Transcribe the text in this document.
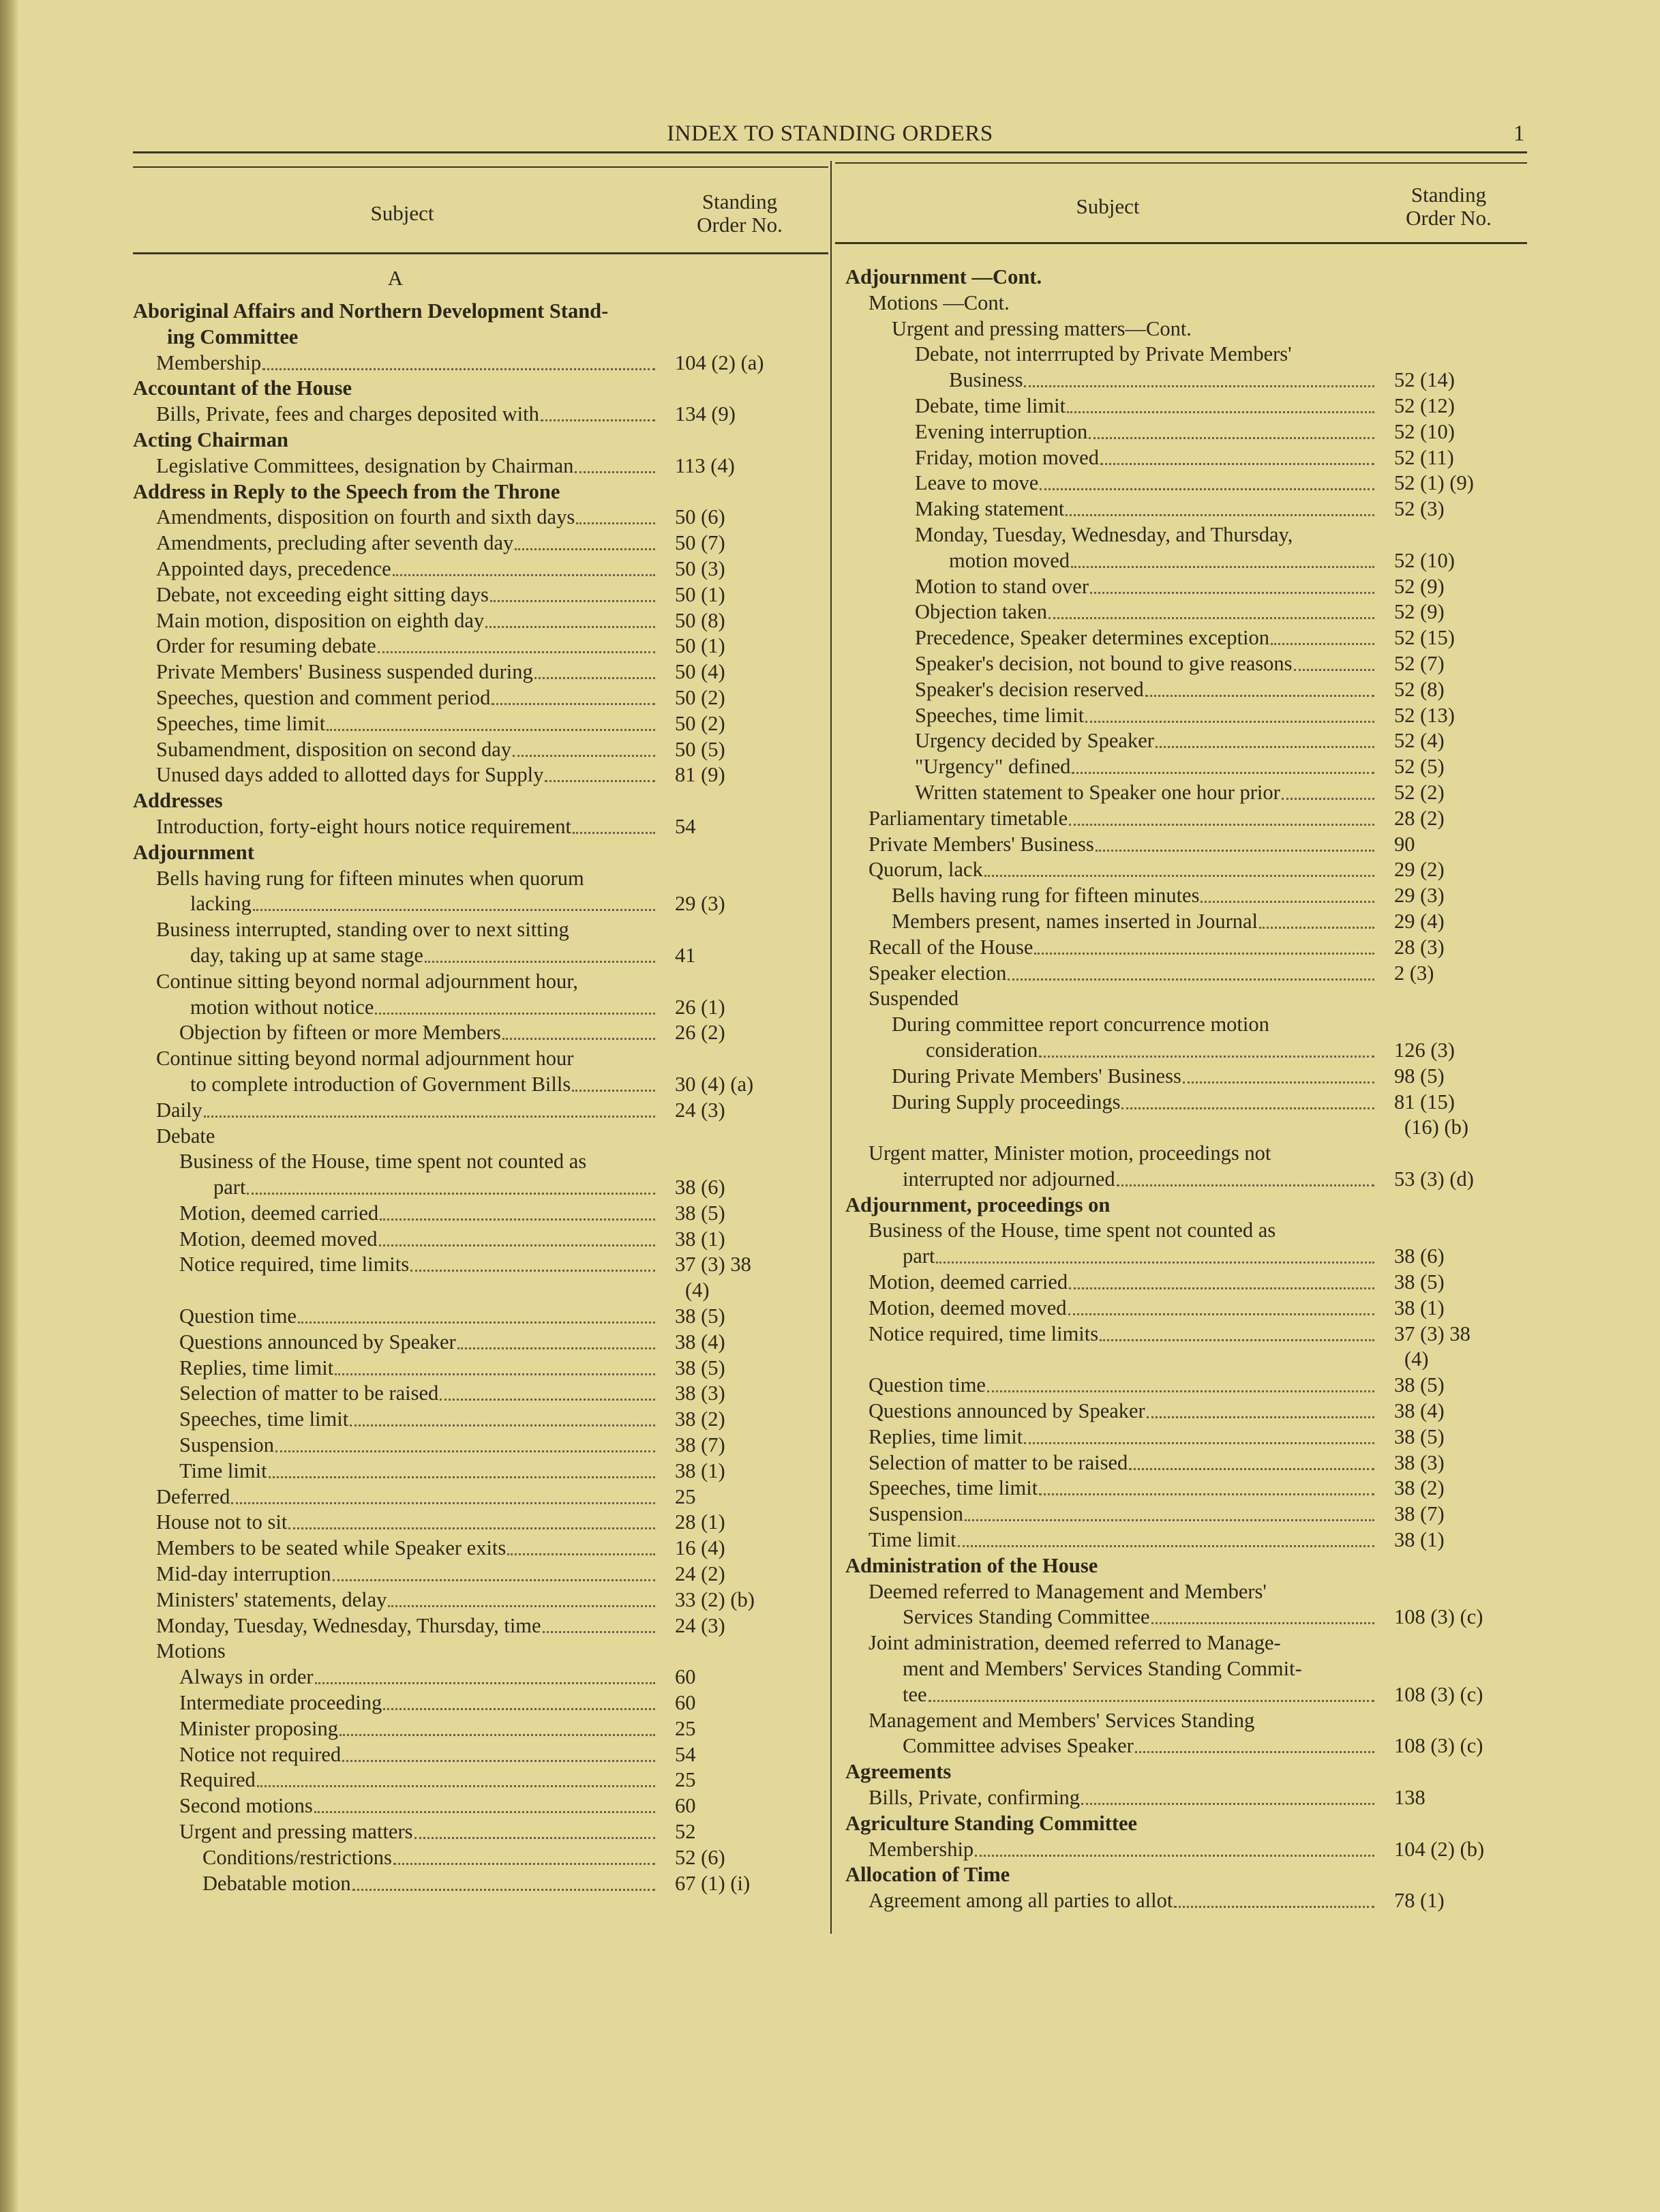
INDEX TO STANDING ORDERS	1
Subject	Standing
Order No.
Subject	Standing
Order No.
A
Aboriginal Affairs and Northern Development Stand-
ing Committee
Membership	104 (2) (a)
Accountant of the House
Bills, Private, fees and charges deposited with	134 (9)
Acting Chairman
Legislative Committees, designation by Chairman	113 (4)
Address in Reply to the Speech from the Throne
Amendments, disposition on fourth and sixth days	50 (6)
Amendments, precluding after seventh day	50 (7)
Appointed days, precedence	50 (3)
Debate, not exceeding eight sitting days	50 (1)
Main motion, disposition on eighth day	50 (8)
Order for resuming debate	50 (1)
Private Members' Business suspended during	50 (4)
Speeches, question and comment period	50 (2)
Speeches, time limit	50 (2)
Subamendment, disposition on second day	50 (5)
Unused days added to allotted days for Supply	81 (9)
Addresses
Introduction, forty-eight hours notice requirement	54
Adjournment
Bells having rung for fifteen minutes when quorum
lacking	29 (3)
Business interrupted, standing over to next sitting
day, taking up at same stage	41
Continue sitting beyond normal adjournment hour,
motion without notice	26 (1)
Objection by fifteen or more Members	26 (2)
Continue sitting beyond normal adjournment hour
to complete introduction of Government Bills	30 (4) (a)
Daily	24 (3)
Debate
Business of the House, time spent not counted as
part	38 (6)
Motion, deemed carried	38 (5)
Motion, deemed moved	38 (1)
Notice required, time limits	37 (3) 38
(4)
Question time	38 (5)
Questions announced by Speaker	38 (4)
Replies, time limit	38 (5)
Selection of matter to be raised	38 (3)
Speeches, time limit	38 (2)
Suspension	38 (7)
Time limit	38 (1)
Deferred	25
House not to sit	28 (1)
Members to be seated while Speaker exits	16 (4)
Mid-day interruption	24 (2)
Ministers' statements, delay	33 (2) (b)
Monday, Tuesday, Wednesday, Thursday, time	24 (3)
Motions
Always in order	60
Intermediate proceeding	60
Minister proposing	25
Notice not required	54
Required	25
Second motions	60
Urgent and pressing matters	52
Conditions/restrictions	52 (6)
Debatable motion	67 (1) (i)
Adjournment —Cont.
Motions —Cont.
Urgent and pressing matters—Cont.
Debate, not interrrupted by Private Members'
Business	52 (14)
Debate, time limit	52 (12)
Evening interruption	52 (10)
Friday, motion moved	52 (11)
Leave to move	52 (1) (9)
Making statement	52 (3)
Monday, Tuesday, Wednesday, and Thursday,
motion moved	52 (10)
Motion to stand over	52 (9)
Objection taken	52 (9)
Precedence, Speaker determines exception	52 (15)
Speaker's decision, not bound to give reasons	52 (7)
Speaker's decision reserved	52 (8)
Speeches, time limit	52 (13)
Urgency decided by Speaker	52 (4)
"Urgency" defined	52 (5)
Written statement to Speaker one hour prior	52 (2)
Parliamentary timetable	28 (2)
Private Members' Business	90
Quorum, lack	29 (2)
Bells having rung for fifteen minutes	29 (3)
Members present, names inserted in Journal	29 (4)
Recall of the House	28 (3)
Speaker election	2 (3)
Suspended
During committee report concurrence motion
consideration	126 (3)
During Private Members' Business	98 (5)
During Supply proceedings	81 (15)
(16) (b)
Urgent matter, Minister motion, proceedings not
interrupted nor adjourned	53 (3) (d)
Adjournment, proceedings on
Business of the House, time spent not counted as
part	38 (6)
Motion, deemed carried	38 (5)
Motion, deemed moved	38 (1)
Notice required, time limits	37 (3) 38
(4)
Question time	38 (5)
Questions announced by Speaker	38 (4)
Replies, time limit	38 (5)
Selection of matter to be raised	38 (3)
Speeches, time limit	38 (2)
Suspension	38 (7)
Time limit	38 (1)
Administration of the House
Deemed referred to Management and Members'
Services Standing Committee	108 (3) (c)
Joint administration, deemed referred to Manage-
ment and Members' Services Standing Commit-
tee	108 (3) (c)
Management and Members' Services Standing
Committee advises Speaker	108 (3) (c)
Agreements
Bills, Private, confirming	138
Agriculture Standing Committee
Membership	104 (2) (b)
Allocation of Time
Agreement among all parties to allot	78 (1)
